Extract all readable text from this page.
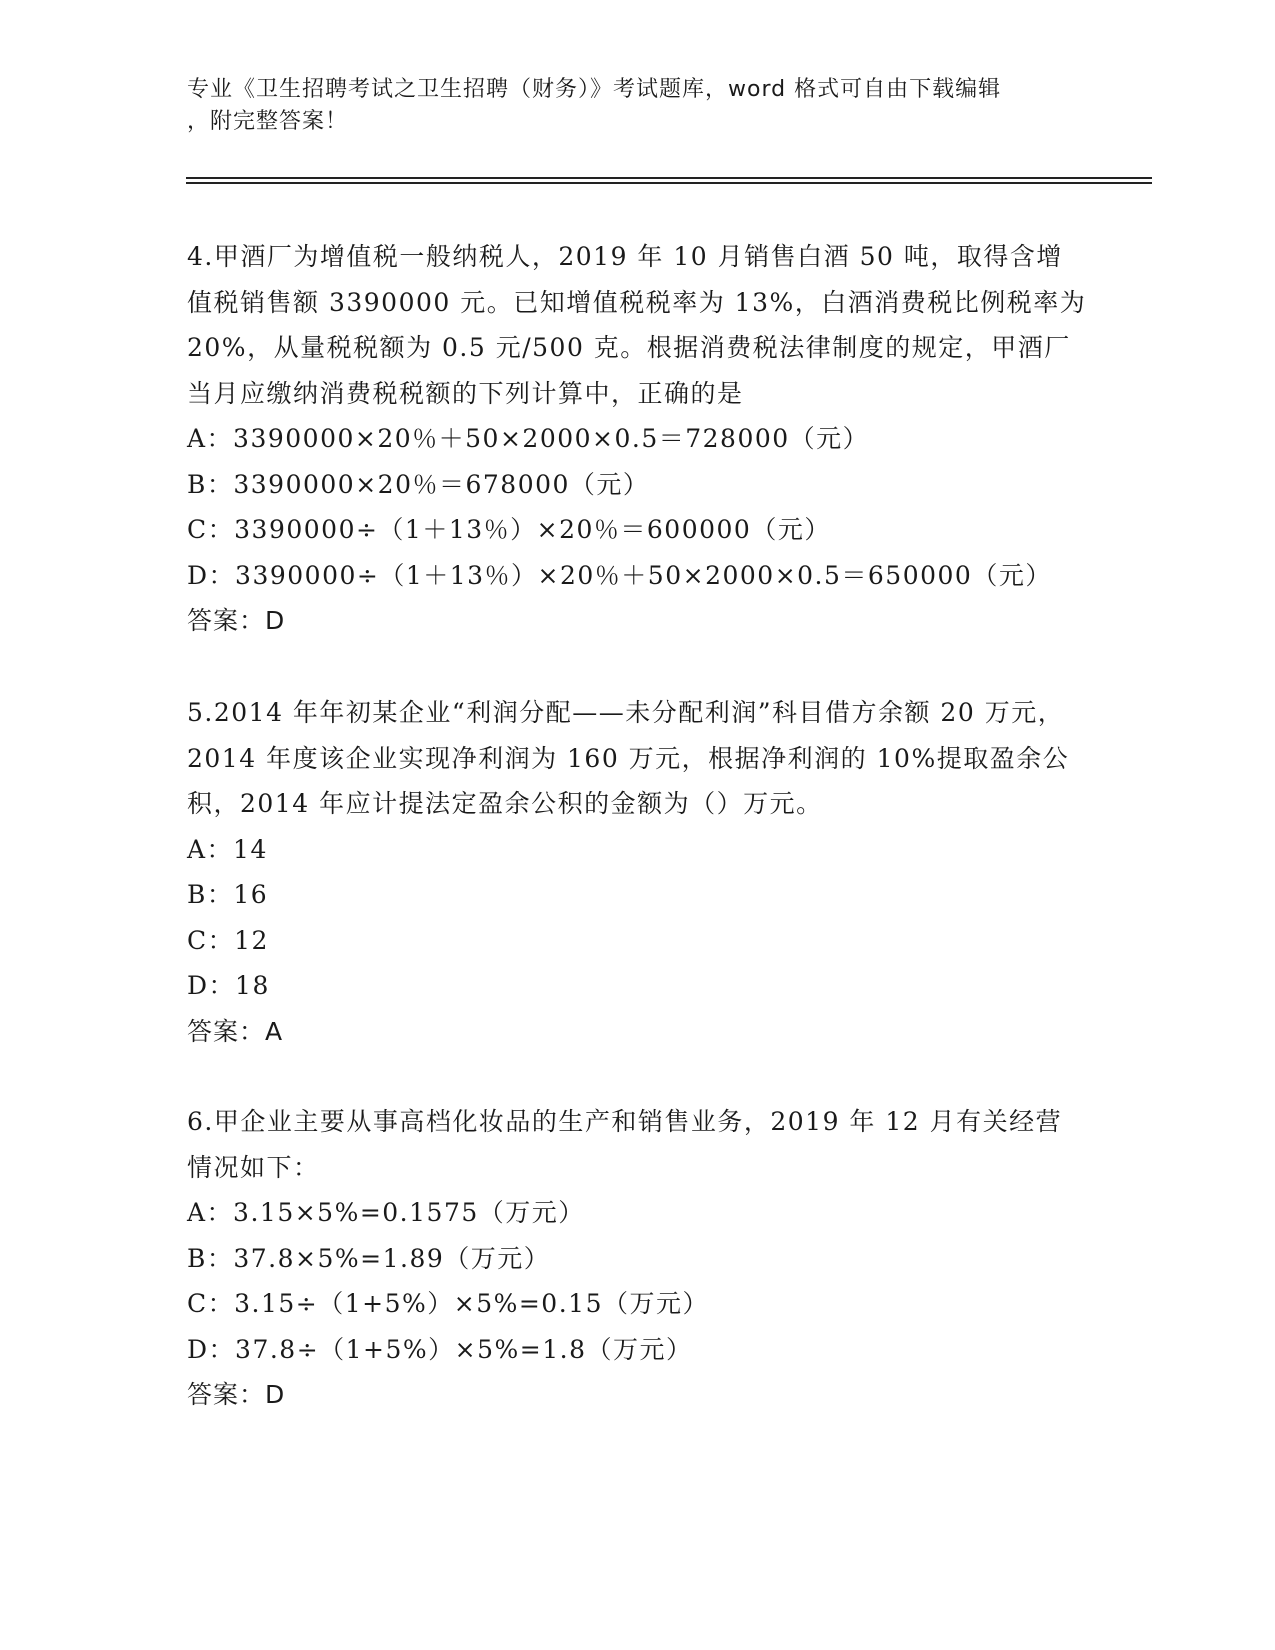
专业《卫生招聘考试之卫生招聘（财务）》考试题库，word 格式可自由下载编辑
，附完整答案！
4.甲酒厂为增值税一般纳税人，2019 年 10 月销售白酒 50 吨，取得含增值税销售额 3390000 元。已知增值税税率为 13%，白酒消费税比例税率为 20%，从量税税额为 0.5 元/500 克。根据消费税法律制度的规定，甲酒厂当月应缴纳消费税税额的下列计算中，正确的是
A：3390000×20％＋50×2000×0.5＝728000（元）
B：3390000×20％＝678000（元）
C：3390000÷（1＋13％）×20％＝600000（元）
D：3390000÷（1＋13％）×20％＋50×2000×0.5＝650000（元）
答案：D
5.2014 年年初某企业“利润分配——未分配利润”科目借方余额 20 万元，2014 年度该企业实现净利润为 160 万元，根据净利润的 10%提取盈余公积，2014 年应计提法定盈余公积的金额为（）万元。
A：14
B：16
C：12
D：18
答案：A
6.甲企业主要从事高档化妆品的生产和销售业务，2019 年 12 月有关经营情况如下：
A：3.15×5%=0.1575（万元）
B：37.8×5%=1.89（万元）
C：3.15÷（1+5%）×5%=0.15（万元）
D：37.8÷（1+5%）×5%=1.8（万元）
答案：D
